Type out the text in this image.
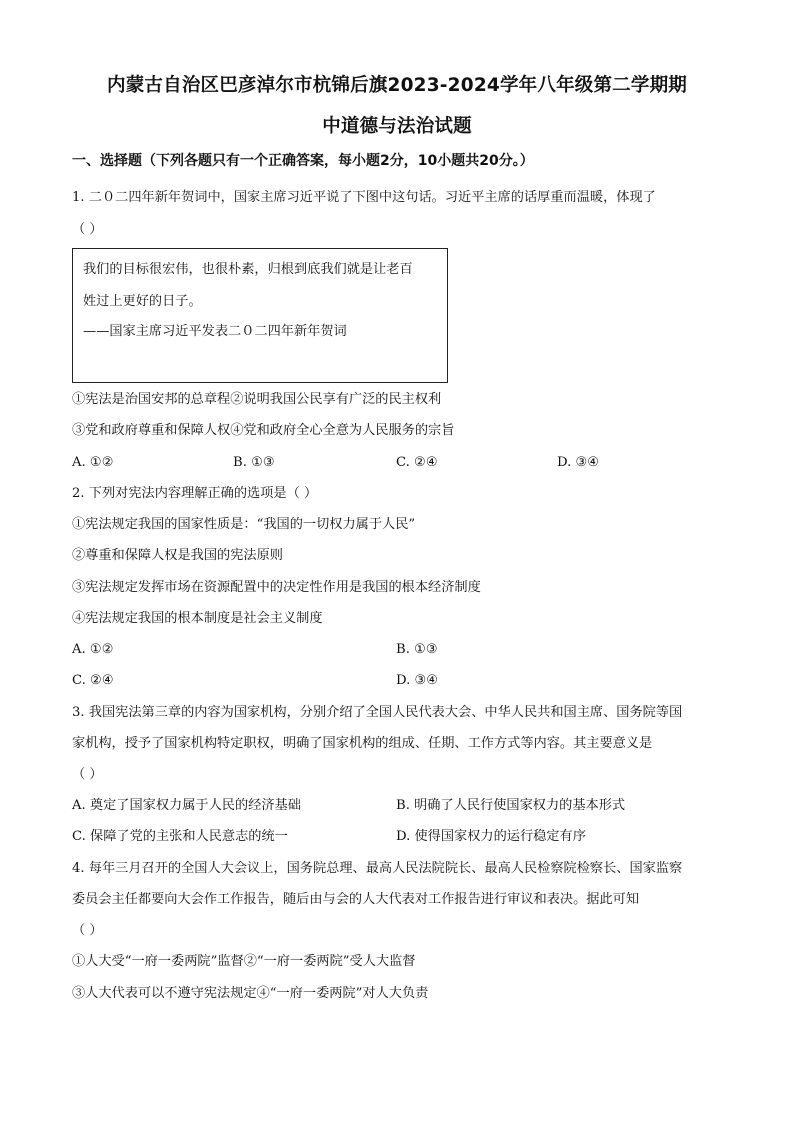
内蒙古自治区巴彦淖尔市杭锦后旗2023-2024学年八年级第二学期期
中道德与法治试题
一、选择题（下列各题只有一个正确答案，每小题2分，10小题共20分。）
1. 二０二四年新年贺词中，国家主席习近平说了下图中这句话。习近平主席的话厚重而温暖，体现了
（ ）
我们的目标很宏伟，也很朴素，归根到底我们就是让老百
姓过上更好的日子。
——国家主席习近平发表二０二四年新年贺词
①宪法是治国安邦的总章程②说明我国公民享有广泛的民主权利
③党和政府尊重和保障人权④党和政府全心全意为人民服务的宗旨
A. ①②	B. ①③	C. ②④	D. ③④
2. 下列对宪法内容理解正确的选项是（ ）
①宪法规定我国的国家性质是：“我国的一切权力属于人民”
②尊重和保障人权是我国的宪法原则
③宪法规定发挥市场在资源配置中的决定性作用是我国的根本经济制度
④宪法规定我国的根本制度是社会主义制度
A. ①②	B. ①③
C. ②④	D. ③④
3. 我国宪法第三章的内容为国家机构，分别介绍了全国人民代表大会、中华人民共和国主席、国务院等国
家机构，授予了国家机构特定职权，明确了国家机构的组成、任期、工作方式等内容。其主要意义是
（ ）
A. 奠定了国家权力属于人民的经济基础	B. 明确了人民行使国家权力的基本形式
C. 保障了党的主张和人民意志的统一	D. 使得国家权力的运行稳定有序
4. 每年三月召开的全国人大会议上，国务院总理、最高人民法院院长、最高人民检察院检察长、国家监察
委员会主任都要向大会作工作报告，随后由与会的人大代表对工作报告进行审议和表决。据此可知
（ ）
①人大受“一府一委两院”监督②“一府一委两院”受人大监督
③人大代表可以不遵守宪法规定④“一府一委两院”对人大负责
